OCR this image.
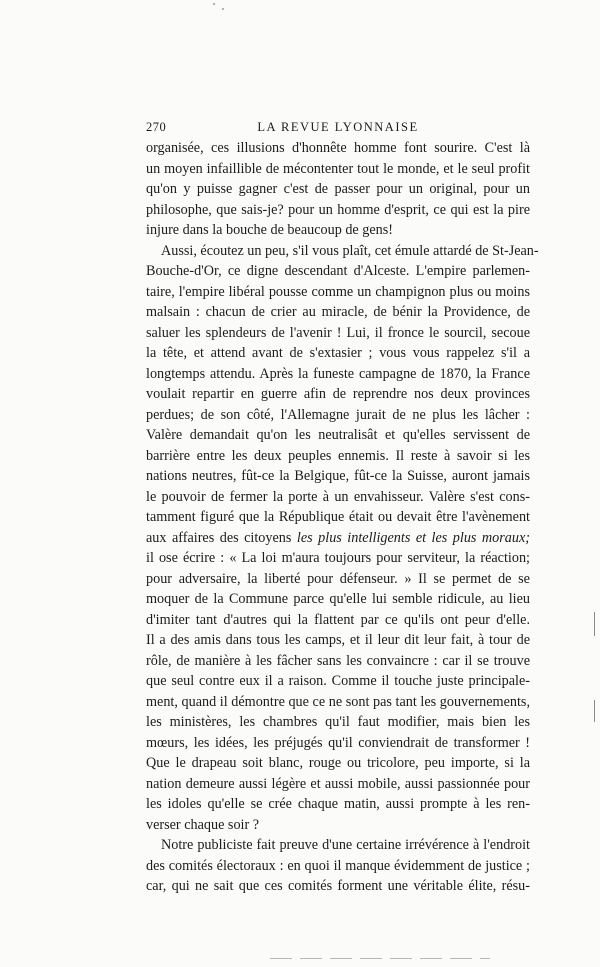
270	LA REVUE LYONNAISE
organisée, ces illusions d'honnête homme font sourire. C'est là
un moyen infaillible de mécontenter tout le monde, et le seul profit
qu'on y puisse gagner c'est de passer pour un original, pour un
philosophe, que sais-je? pour un homme d'esprit, ce qui est la pire
injure dans la bouche de beaucoup de gens!
Aussi, écoutez un peu, s'il vous plaît, cet émule attardé de St-Jean-
Bouche-d'Or, ce digne descendant d'Alceste. L'empire parlemen-
taire, l'empire libéral pousse comme un champignon plus ou moins
malsain : chacun de crier au miracle, de bénir la Providence, de
saluer les splendeurs de l'avenir ! Lui, il fronce le sourcil, secoue
la tête, et attend avant de s'extasier ; vous vous rappelez s'il a
longtemps attendu. Après la funeste campagne de 1870, la France
voulait repartir en guerre afin de reprendre nos deux provinces
perdues; de son côté, l'Allemagne jurait de ne plus les lâcher :
Valère demandait qu'on les neutralisât et qu'elles servissent de
barrière entre les deux peuples ennemis. Il reste à savoir si les
nations neutres, fût-ce la Belgique, fût-ce la Suisse, auront jamais
le pouvoir de fermer la porte à un envahisseur. Valère s'est cons-
tamment figuré que la République était ou devait être l'avènement
aux affaires des citoyens les plus intelligents et les plus moraux;
il ose écrire : « La loi m'aura toujours pour serviteur, la réaction;
pour adversaire, la liberté pour défenseur. » Il se permet de se
moquer de la Commune parce qu'elle lui semble ridicule, au lieu
d'imiter tant d'autres qui la flattent par ce qu'ils ont peur d'elle.
Il a des amis dans tous les camps, et il leur dit leur fait, à tour de
rôle, de manière à les fâcher sans les convaincre : car il se trouve
que seul contre eux il a raison. Comme il touche juste principale-
ment, quand il démontre que ce ne sont pas tant les gouvernements,
les ministères, les chambres qu'il faut modifier, mais bien les
mœurs, les idées, les préjugés qu'il conviendrait de transformer !
Que le drapeau soit blanc, rouge ou tricolore, peu importe, si la
nation demeure aussi légère et aussi mobile, aussi passionnée pour
les idoles qu'elle se crée chaque matin, aussi prompte à les ren-
verser chaque soir ?
Notre publiciste fait preuve d'une certaine irrévérence à l'endroit
des comités électoraux : en quoi il manque évidemment de justice ;
car, qui ne sait que ces comités forment une véritable élite, résu-
